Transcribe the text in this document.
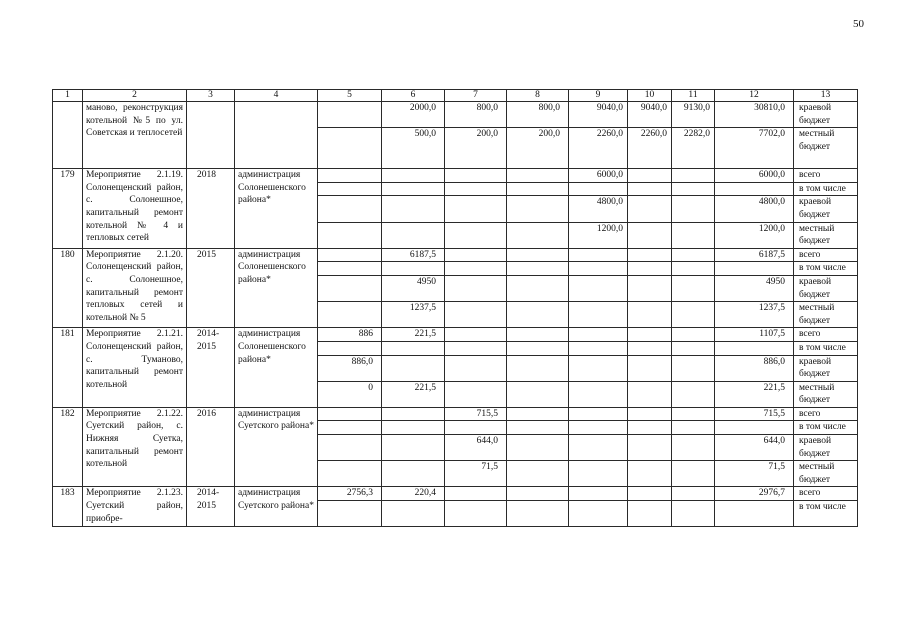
50
1	2	3	4	5	6	7	8	9	10	11	12	13
	маново, реконструкция котельной №5 по ул. Советская и теплосетей				2000,0	800,0	800,0	9040,0	9040,0	9130,0	30810,0	краевой бюджет
					500,0	200,0	200,0	2260,0	2260,0	2282,0	7702,0	местный бюджет
179	Мероприятие 2.1.19. Солонещенский район, с. Солонешное, капитальный ремонт котельной № 4 и тепловых сетей	2018	администрация Солонешенского района*					6000,0			6000,0	всего
												в том числе
								4800,0			4800,0	краевой бюджет
								1200,0			1200,0	местный бюджет
180	Мероприятие 2.1.20. Солонещенский район, с. Солонешное, капитальный ремонт тепловых сетей и котельной № 5	2015	администрация Солонешенского района*		6187,5						6187,5	всего
												в том числе
					4950						4950	краевой бюджет
					1237,5						1237,5	местный бюджет
181	Мероприятие 2.1.21. Солонещенский район, с. Туманово, капитальный ремонт котельной	2014-2015	администрация Солонешенского района*	886	221,5						1107,5	всего
												в том числе
				886,0							886,0	краевой бюджет
				0	221,5						221,5	местный бюджет
182	Мероприятие 2.1.22. Суетский район, с. Нижняя Суетка, капитальный ремонт котельной	2016	администрация Суетского района*			715,5					715,5	всего
												в том числе
						644,0					644,0	краевой бюджет
						71,5					71,5	местный бюджет
183	Мероприятие 2.1.23. Суетский район, приобре-	2014-2015	администрация Суетского района*	2756,3	220,4						2976,7	всего
												в том числе
